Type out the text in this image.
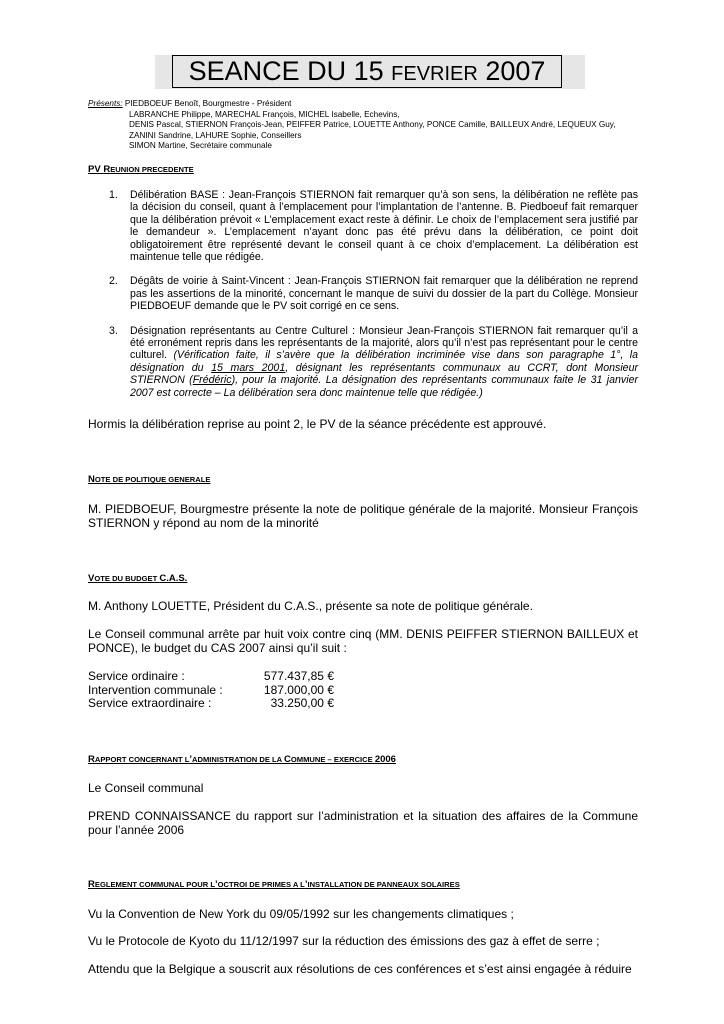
SEANCE DU 15 FEVRIER 2007
Présents: PIEDBOEUF Benoît, Bourgmestre - Président
LABRANCHE Philippe, MARECHAL François, MICHEL Isabelle, Echevins,
DENIS Pascal, STIERNON François-Jean, PEIFFER Patrice, LOUETTE Anthony, PONCE Camille, BAILLEUX André, LEQUEUX Guy,
ZANINI Sandrine, LAHURE Sophie, Conseillers
SIMON Martine, Secrétaire communale
PV REUNION PRECEDENTE
1. Délibération BASE : Jean-François STIERNON fait remarquer qu’à son sens, la délibération ne reflète pas la décision du conseil, quant à l’emplacement pour l’implantation de l’antenne. B. Piedboeuf fait remarquer que la délibération prévoit « L’emplacement exact reste à définir. Le choix de l’emplacement sera justifié par le demandeur ». L’emplacement n’ayant donc pas été prévu dans la délibération, ce point doit obligatoirement être représenté devant le conseil quant à ce choix d’emplacement. La délibération est maintenue telle que rédigée.
2. Dégâts de voirie à Saint-Vincent : Jean-François STIERNON fait remarquer que la délibération ne reprend pas les assertions de la minorité, concernant le manque de suivi du dossier de la part du Collège. Monsieur PIEDBOEUF demande que le PV soit corrigé en ce sens.
3. Désignation représentants au Centre Culturel : Monsieur Jean-François STIERNON fait remarquer qu’il a été erronément repris dans les représentants de la majorité, alors qu’il n’est pas représentant pour le centre culturel. (Vérification faite, il s’avère que la délibération incriminée vise dans son paragraphe 1°, la désignation du 15 mars 2001, désignant les représentants communaux au CCRT, dont Monsieur STIERNON (Frédéric), pour la majorité. La désignation des représentants communaux faite le 31 janvier 2007 est correcte – La délibération sera donc maintenue telle que rédigée.)
Hormis la délibération reprise au point 2, le PV de la séance précédente est approuvé.
NOTE DE POLITIQUE GENERALE
M. PIEDBOEUF, Bourgmestre présente la note de politique générale de la majorité. Monsieur François STIERNON y répond au nom de la minorité
VOTE DU BUDGET C.A.S.
M. Anthony LOUETTE, Président du C.A.S., présente sa note de politique générale.
Le Conseil communal arrête par huit voix contre cinq (MM. DENIS PEIFFER STIERNON BAILLEUX et PONCE), le budget du CAS 2007 ainsi qu’il suit :
Service ordinaire :	577.437,85 €
Intervention communale :	187.000,00 €
Service extraordinaire :	33.250,00 €
RAPPORT CONCERNANT L’ADMINISTRATION DE LA COMMUNE – EXERCICE 2006
Le Conseil communal
PREND CONNAISSANCE du rapport sur l’administration et la situation des affaires de la Commune pour l’année 2006
REGLEMENT COMMUNAL POUR L’OCTROI DE PRIMES A L’INSTALLATION DE PANNEAUX SOLAIRES
Vu la Convention de New York du 09/05/1992 sur les changements climatiques ;
Vu le Protocole de Kyoto du 11/12/1997 sur la réduction des émissions des gaz à effet de serre ;
Attendu que la Belgique a souscrit aux résolutions de ces conférences et s’est ainsi engagée à réduire
